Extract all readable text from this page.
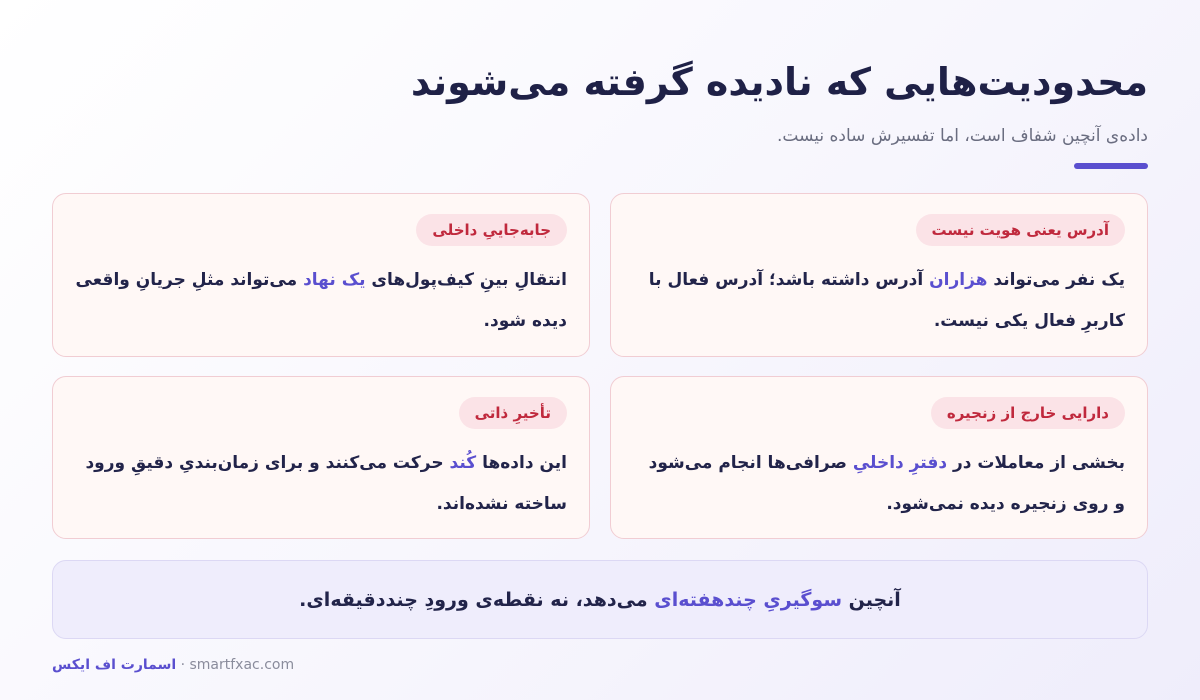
محدودیت‌هایی که نادیده گرفته می‌شوند
داده‌ی آنچین شفاف است، اما تفسیرش ساده نیست.
آدرس یعنی هویت نیست
یک نفر می‌تواند هزاران آدرس داشته باشد؛ آدرس فعال با کاربرِ فعال یکی نیست.
جابه‌جاییِ داخلی
انتقالِ بینِ کیف‌پول‌های یک نهاد می‌تواند مثلِ جریانِ واقعی دیده شود.
دارایی خارج از زنجیره
بخشی از معاملات در دفترِ داخلیِ صرافی‌ها انجام می‌شود و روی زنجیره دیده نمی‌شود.
تأخیرِ ذاتی
این داده‌ها کُند حرکت می‌کنند و برای زمان‌بندیِ دقیقِ ورود ساخته نشده‌اند.
آنچین سوگیریِ چندهفته‌ای می‌دهد، نه نقطه‌ی ورودِ چنددقیقه‌ای.
اسمارت اف ایکس · smartfxac.com
